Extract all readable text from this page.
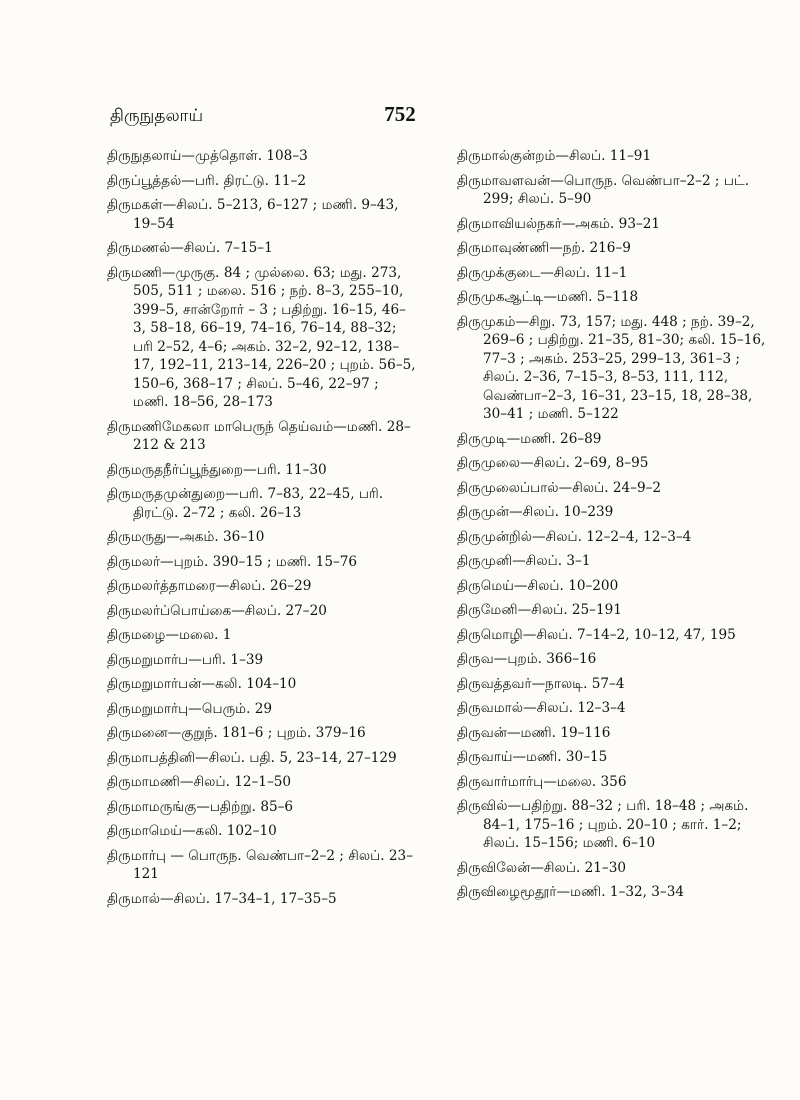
திருநுதலாய்	752
திருநுதலாய்—முத்தொள். 108–3
திருப்பூத்தல்—பரி. திரட்டு. 11–2
திருமகள்—சிலப். 5–213, 6–127 ; மணி. 9–43, 19–54
திருமணல்—சிலப். 7–15–1
திருமணி—முருகு. 84 ; முல்லை. 63; மது. 273, 505, 511 ; மலை. 516 ; நற். 8–3, 255–10, 399–5, சான்றோர் – 3 ; பதிற்று. 16–15, 46–3, 58–18, 66–19, 74–16, 76–14, 88–32; பரி 2–52, 4–6; அகம். 32–2, 92–12, 138–17, 192–11, 213–14, 226–20 ; புறம். 56–5, 150–6, 368–17 ; சிலப். 5–46, 22–97 ; மணி. 18–56, 28–173
திருமணிமேகலா மாபெருந் தெய்வம்—மணி. 28–212 & 213
திருமருதநீர்ப்பூந்துறை—பரி. 11–30
திருமருதமுன்துறை—பரி. 7–83, 22–45, பரி. திரட்டு. 2–72 ; கலி. 26–13
திருமருது—அகம். 36–10
திருமலர்—புறம். 390–15 ; மணி. 15–76
திருமலர்த்தாமரை—சிலப். 26–29
திருமலர்ப்பொய்கை—சிலப். 27–20
திருமழை—மலை. 1
திருமறுமார்ப—பரி. 1–39
திருமறுமார்பன்—கலி. 104–10
திருமறுமார்பு—பெரும். 29
திருமனை—குறுந். 181–6 ; புறம். 379–16
திருமாபத்தினி—சிலப். பதி. 5, 23–14, 27–129
திருமாமணி—சிலப். 12–1–50
திருமாமருங்கு—பதிற்று. 85–6
திருமாமெய்—கலி. 102–10
திருமார்பு — பொருந. வெண்பா–2–2 ; சிலப். 23–121
திருமால்—சிலப். 17–34–1, 17–35–5
திருமால்குன்றம்—சிலப். 11–91
திருமாவளவன்—பொருந. வெண்பா–2–2 ; பட். 299; சிலப். 5–90
திருமாவியல்நகர்—அகம். 93–21
திருமாவுண்ணி—நற். 216–9
திருமுக்குடை—சிலப். 11–1
திருமுகஆட்டி—மணி. 5–118
திருமுகம்—சிறு. 73, 157; மது. 448 ; நற். 39–2, 269–6 ; பதிற்று. 21–35, 81–30; கலி. 15–16, 77–3 ; அகம். 253–25, 299–13, 361–3 ; சிலப். 2–36, 7–15–3, 8–53, 111, 112, வெண்பா–2–3, 16–31, 23–15, 18, 28–38, 30–41 ; மணி. 5–122
திருமுடி—மணி. 26–89
திருமுலை—சிலப். 2–69, 8–95
திருமுலைப்பால்—சிலப். 24–9–2
திருமுன்—சிலப். 10–239
திருமுன்றில்—சிலப். 12–2–4, 12–3–4
திருமுனி—சிலப். 3–1
திருமெய்—சிலப். 10–200
திருமேனி—சிலப். 25–191
திருமொழி—சிலப். 7–14–2, 10–12, 47, 195
திருவ—புறம். 366–16
திருவத்தவர்—நாலடி. 57–4
திருவமால்—சிலப். 12–3–4
திருவன்—மணி. 19–116
திருவாய்—மணி. 30–15
திருவார்மார்பு—மலை. 356
திருவில்—பதிற்று. 88–32 ; பரி. 18–48 ; அகம். 84–1, 175–16 ; புறம். 20–10 ; கார். 1–2; சிலப். 15–156; மணி. 6–10
திருவிலேன்—சிலப். 21–30
திருவிழைமூதூர்—மணி. 1–32, 3–34
